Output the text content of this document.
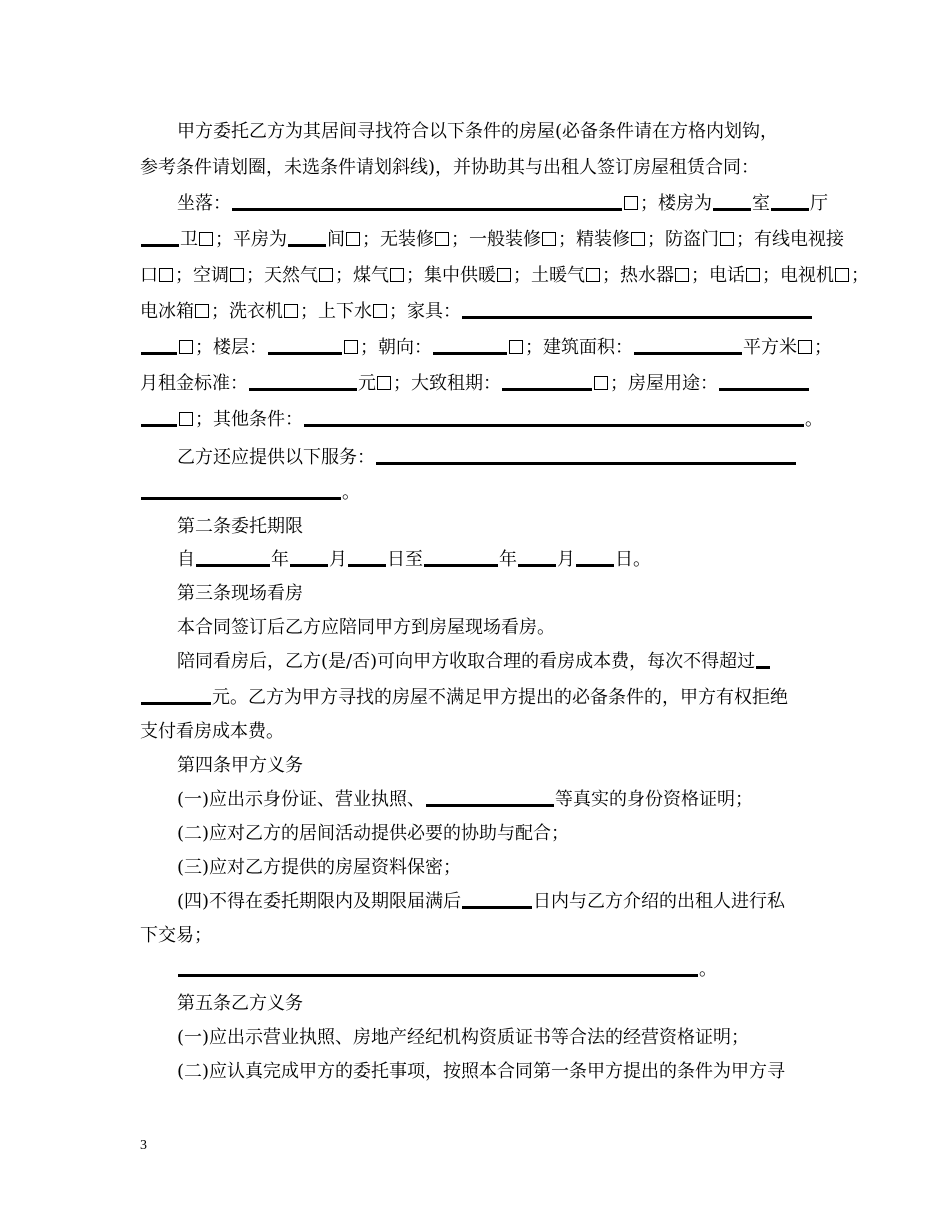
甲方委托乙方为其居间寻找符合以下条件的房屋(必备条件请在方格内划钩，
参考条件请划圈，未选条件请划斜线)，并协助其与出租人签订房屋租赁合同：
坐落：	；楼房为 室 厅
卫 ；平房为 间 ；无装修 ；一般装修 ；精装修 ；防盗门 ；有线电视接
口 ；空调 ；天然气 ；煤气 ；集中供暖 ；土暖气 ；热水器 ；电话 ；电视机 ；
电冰箱 ；洗衣机 ；上下水 ；家具：
；楼层：	；朝向：	；建筑面积：	平方米 ；
月租金标准：	元 ；大致租期：	；房屋用途：
；其他条件：	。
乙方还应提供以下服务：
。
第二条委托期限
自	年 月 日至	年 月 日。
第三条现场看房
本合同签订后乙方应陪同甲方到房屋现场看房。
陪同看房后，乙方(是/否)可向甲方收取合理的看房成本费，每次不得超过
元。乙方为甲方寻找的房屋不满足甲方提出的必备条件的，甲方有权拒绝
支付看房成本费。
第四条甲方义务
(一)应出示身份证、营业执照、	等真实的身份资格证明；
(二)应对乙方的居间活动提供必要的协助与配合；
(三)应对乙方提供的房屋资料保密；
(四)不得在委托期限内及期限届满后	日内与乙方介绍的出租人进行私
下交易；
。
第五条乙方义务
(一)应出示营业执照、房地产经纪机构资质证书等合法的经营资格证明；
(二)应认真完成甲方的委托事项，按照本合同第一条甲方提出的条件为甲方寻
3
